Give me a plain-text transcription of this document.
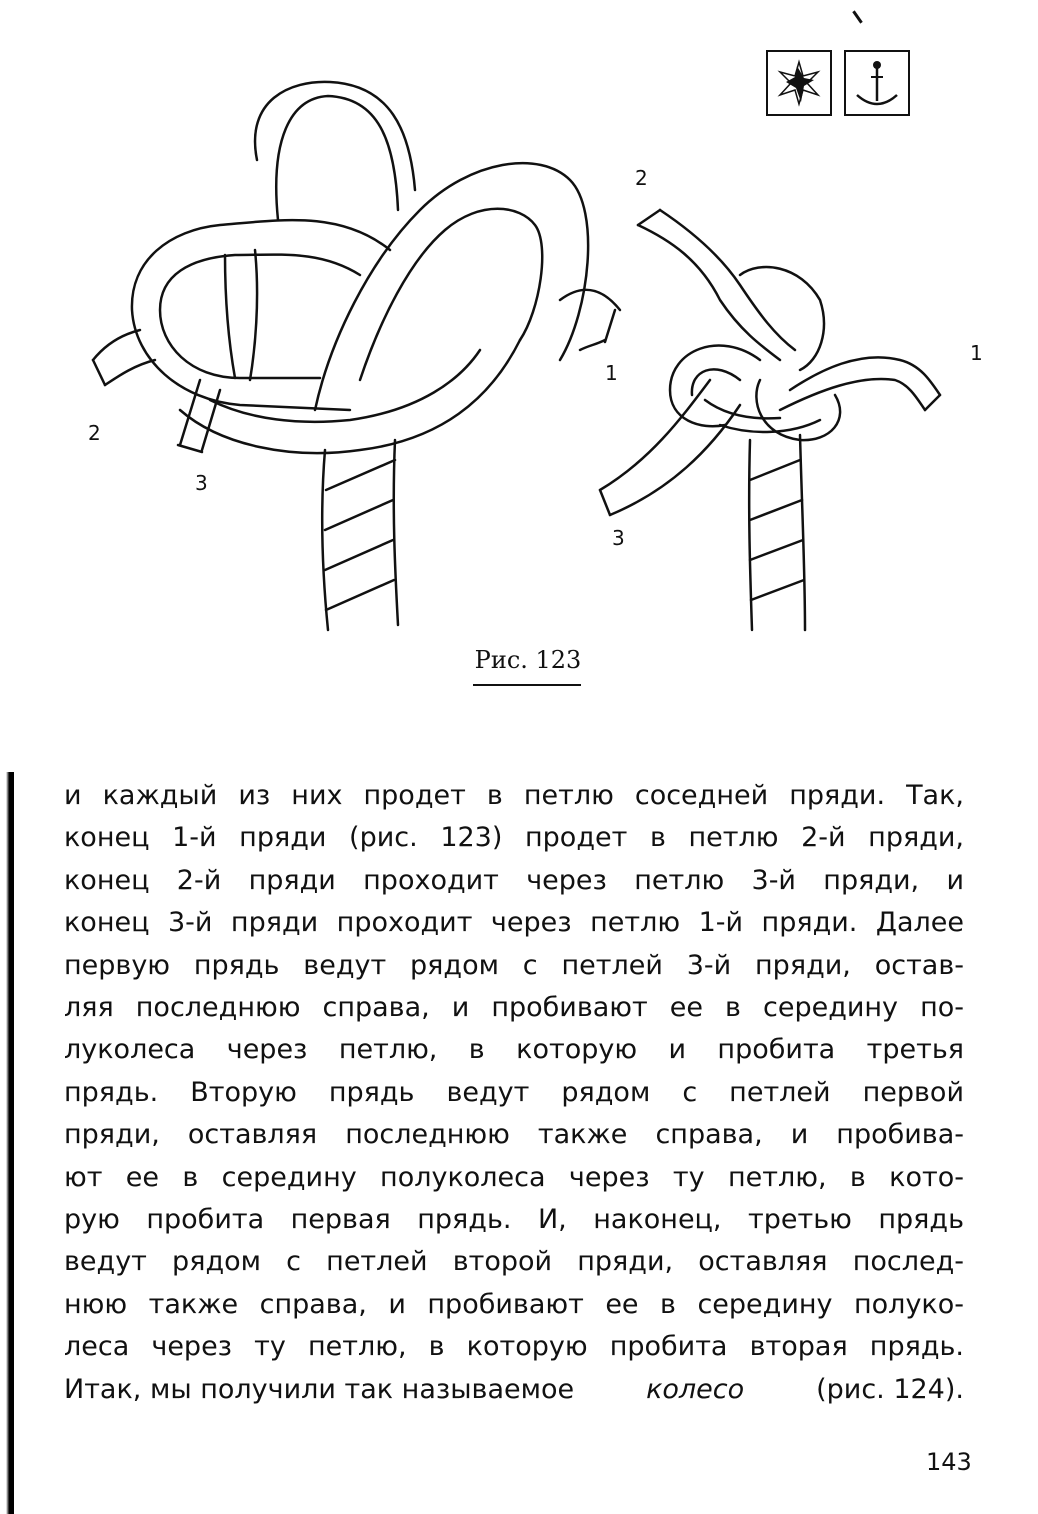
2
3
1
2
1
3
Рис. 123
и каждый из них продет в петлю соседней пряди. Так,
конец 1-й пряди (рис. 123) продет в петлю 2-й пряди,
конец 2-й пряди проходит через петлю 3-й пряди, и
конец 3-й пряди проходит через петлю 1-й пряди. Далее
первую прядь ведут рядом с петлей 3-й пряди, остав-
ляя последнюю справа, и пробивают ее в середину по-
луколеса через петлю, в которую и пробита третья
прядь. Вторую прядь ведут рядом с петлей первой
пряди, оставляя последнюю также справа, и пробива-
ют ее в середину полуколеса через ту петлю, в кото-
рую пробита первая прядь. И, наконец, третью прядь
ведут рядом с петлей второй пряди, оставляя послед-
нюю также справа, и пробивают ее в середину полуко-
леса через ту петлю, в которую пробита вторая прядь.
Итак, мы получили так называемое	колесо	(рис. 124).
143
